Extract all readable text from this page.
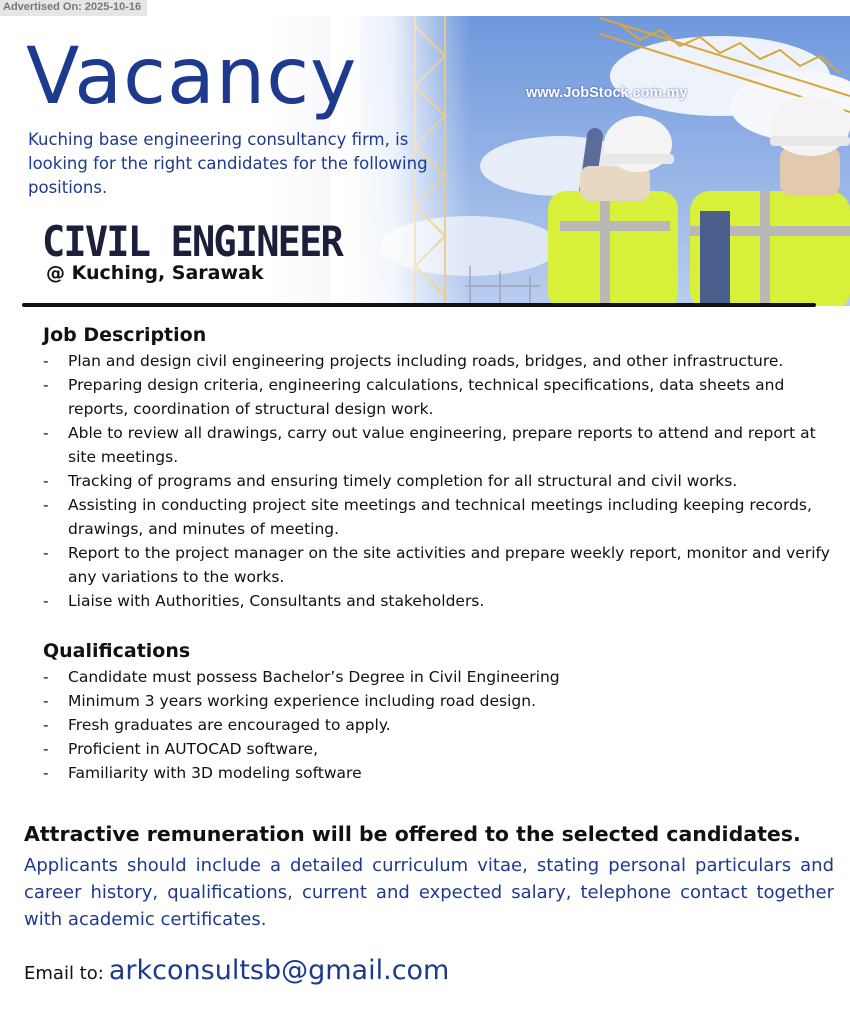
Advertised On: 2025-10-16
Vacancy
Kuching base engineering consultancy firm, is looking for the right candidates for the following positions.
CIVIL ENGINEER
@ Kuching, Sarawak
www.JobStock.com.my
Job Description
- Plan and design civil engineering projects including roads, bridges, and other infrastructure.
- Preparing design criteria, engineering calculations, technical specifications, data sheets and reports, coordination of structural design work.
- Able to review all drawings, carry out value engineering, prepare reports to attend and report at site meetings.
- Tracking of programs and ensuring timely completion for all structural and civil works.
- Assisting in conducting project site meetings and technical meetings including keeping records, drawings, and minutes of meeting.
- Report to the project manager on the site activities and prepare weekly report, monitor and verify any variations to the works.
- Liaise with Authorities, Consultants and stakeholders.
Qualifications
- Candidate must possess Bachelor’s Degree in Civil Engineering
- Minimum 3 years working experience including road design.
- Fresh graduates are encouraged to apply.
- Proficient in AUTOCAD software,
- Familiarity with 3D modeling software
Attractive remuneration will be offered to the selected candidates.
Applicants should include a detailed curriculum vitae, stating personal particulars and career history, qualifications, current and expected salary, telephone contact together with academic certificates.
Email to: arkconsultsb@gmail.com
